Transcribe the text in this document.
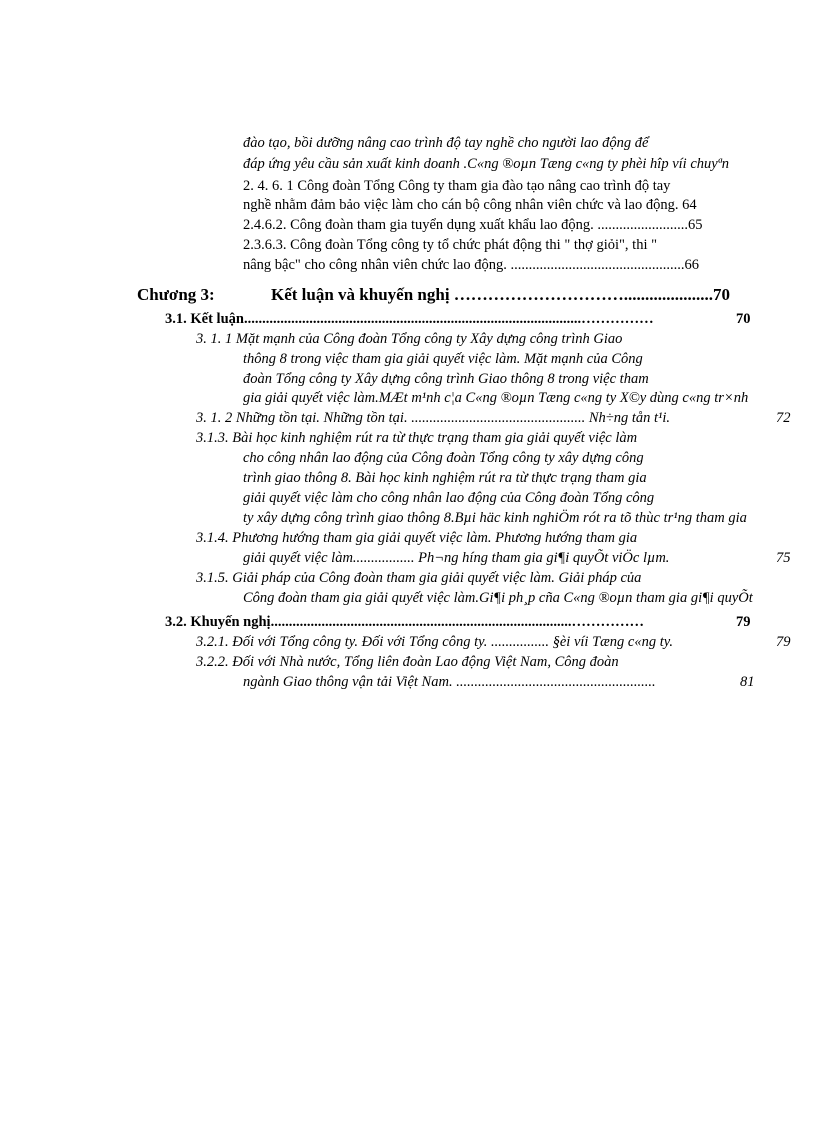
đào tạo, bồi dưỡng nâng cao trình độ tay nghề cho người lao động để
đáp ứng yêu cầu sản xuất kinh doanh .C«ng ®oµn Tæng c«ng ty phèi hîp víi chuyªn
2. 4. 6. 1 Công đoàn Tổng Công ty tham gia đào tạo nâng cao trình độ tay
nghề nhằm đảm bảo việc làm cho cán bộ công nhân viên chức và lao động. 64
2.4.6.2. Công đoàn tham gia tuyển dụng xuất khẩu lao động. .........................65
2.3.6.3. Công đoàn Tổng công ty tổ chức phát động thi " thợ giỏi", thi "
nâng bậc" cho công nhân viên chức lao động. ................................................66
Chương 3:	Kết luận và khuyến nghị ………………………….....................70
3.1. Kết luận.............................................................................................……………	70
3. 1. 1 Mặt mạnh của Công đoàn Tổng công ty Xây dựng công trình Giao
thông 8 trong việc tham gia giải quyết việc làm. Mặt mạnh của Công
đoàn Tổng công ty Xây dựng công trình Giao thông 8 trong việc tham
gia giải quyết việc làm.MÆt m¹nh c¦a C«ng ®oµn Tæng c«ng ty X©y dùng c«ng tr×nh
3. 1. 2 Những tồn tại. Những tồn tại. ................................................ Nh÷ng tån t¹i.	72
3.1.3. Bài học kinh nghiệm rút ra từ thực trạng tham gia giải quyết việc làm
cho công nhân lao động của Công đoàn Tổng công ty xây dựng công
trình giao thông 8. Bài học kinh nghiệm rút ra từ thực trạng tham gia
giải quyết việc làm cho công nhân lao động của Công đoàn Tổng công
ty xây dựng công trình giao thông 8.Bµi häc kinh nghiÖm rót ra tõ thùc tr¹ng tham gia
3.1.4. Phương hướng tham gia giải quyết việc làm. Phương hướng tham gia
giải quyết việc làm................. Ph¬ng híng tham gia gi¶i quyÕt viÖc lµm.	75
3.1.5. Giải pháp của Công đoàn tham gia giải quyết việc làm. Giải pháp của
Công đoàn tham gia giải quyết việc làm.Gi¶i ph¸p cña C«ng ®oµn tham gia gi¶i quyÕt
3.2. Khuyến nghị...................................................................................……………	79
3.2.1. Đối với Tổng công ty. Đối với Tổng công ty. ................ §èi víi Tæng c«ng ty.	79
3.2.2. Đối với Nhà nước, Tổng liên đoàn Lao động Việt Nam, Công đoàn
ngành Giao thông vận tải Việt Nam. .......................................................	81
